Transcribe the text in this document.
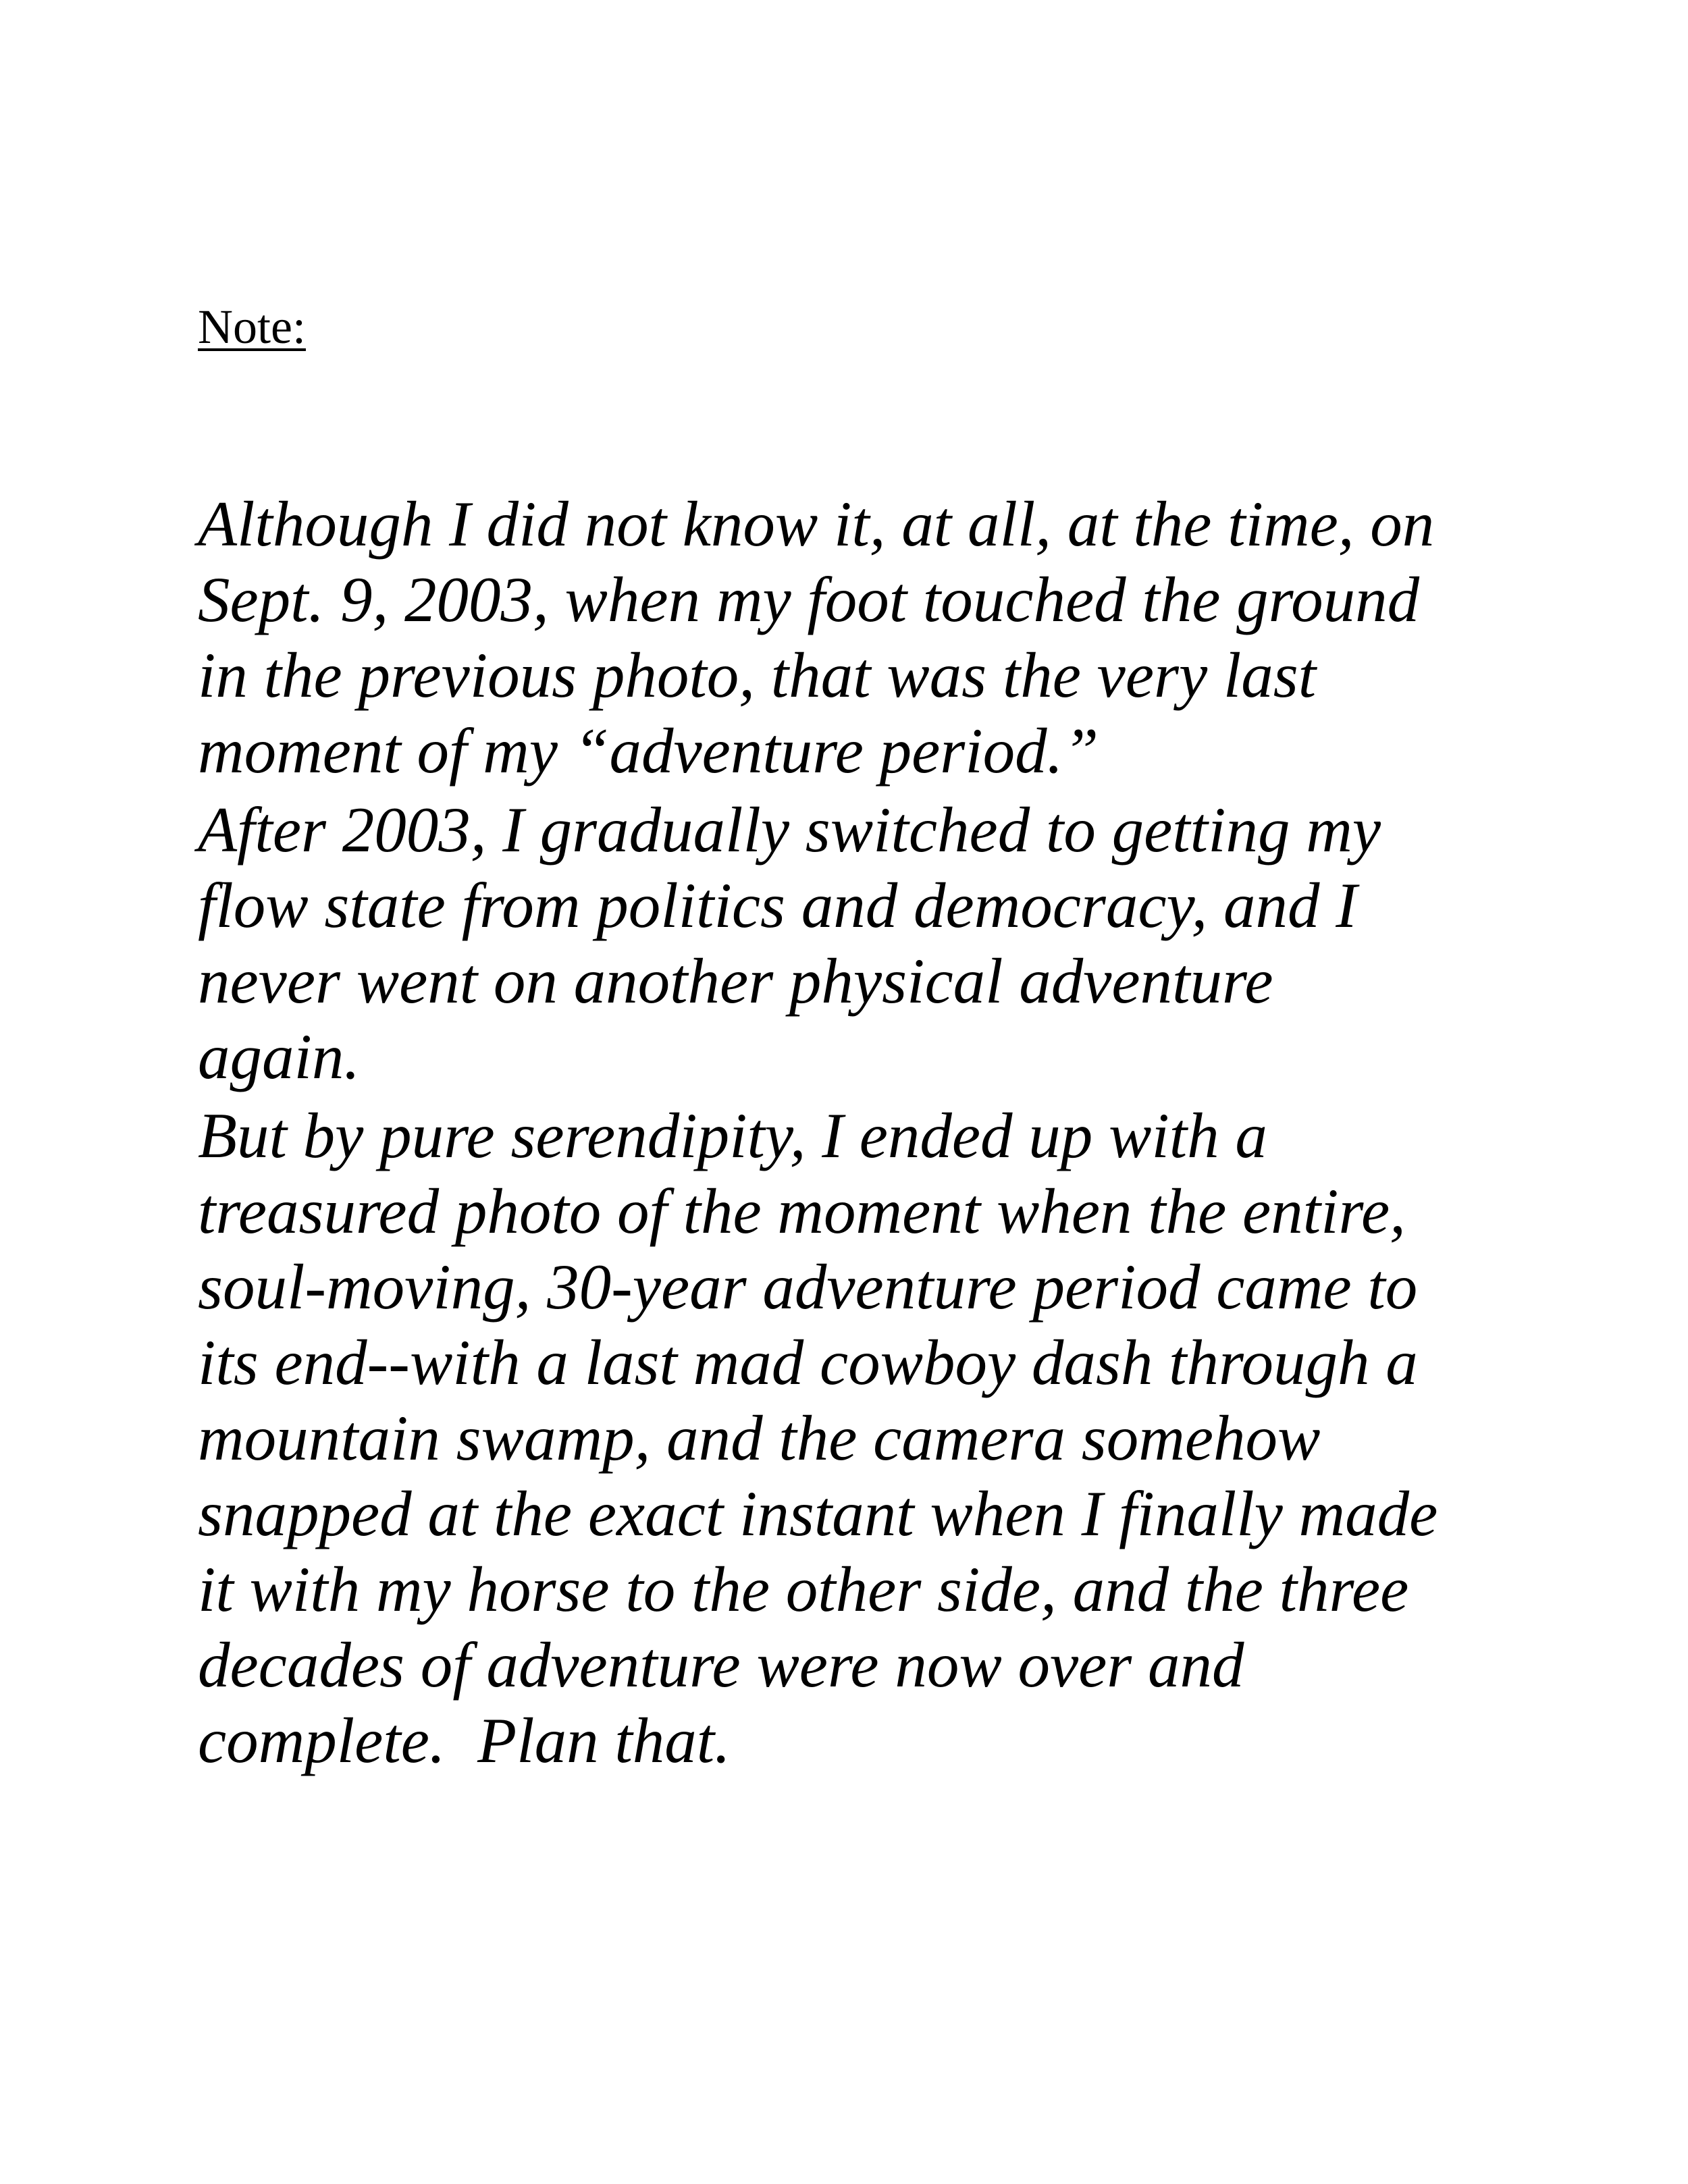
Note:

Although I did not know it, at all, at the time, on
Sept. 9, 2003, when my foot touched the ground
in the previous photo, that was the very last
moment of my “adventure period.”

After 2003, I gradually switched to getting my
flow state from politics and democracy, and I
never went on another physical adventure
again.

But by pure serendipity, I ended up with a
treasured photo of the moment when the entire,
soul-moving, 30-year adventure period came to
its end--with a last mad cowboy dash through a
mountain swamp, and the camera somehow
snapped at the exact instant when I finally made
it with my horse to the other side, and the three
decades of adventure were now over and
complete.  Plan that.
